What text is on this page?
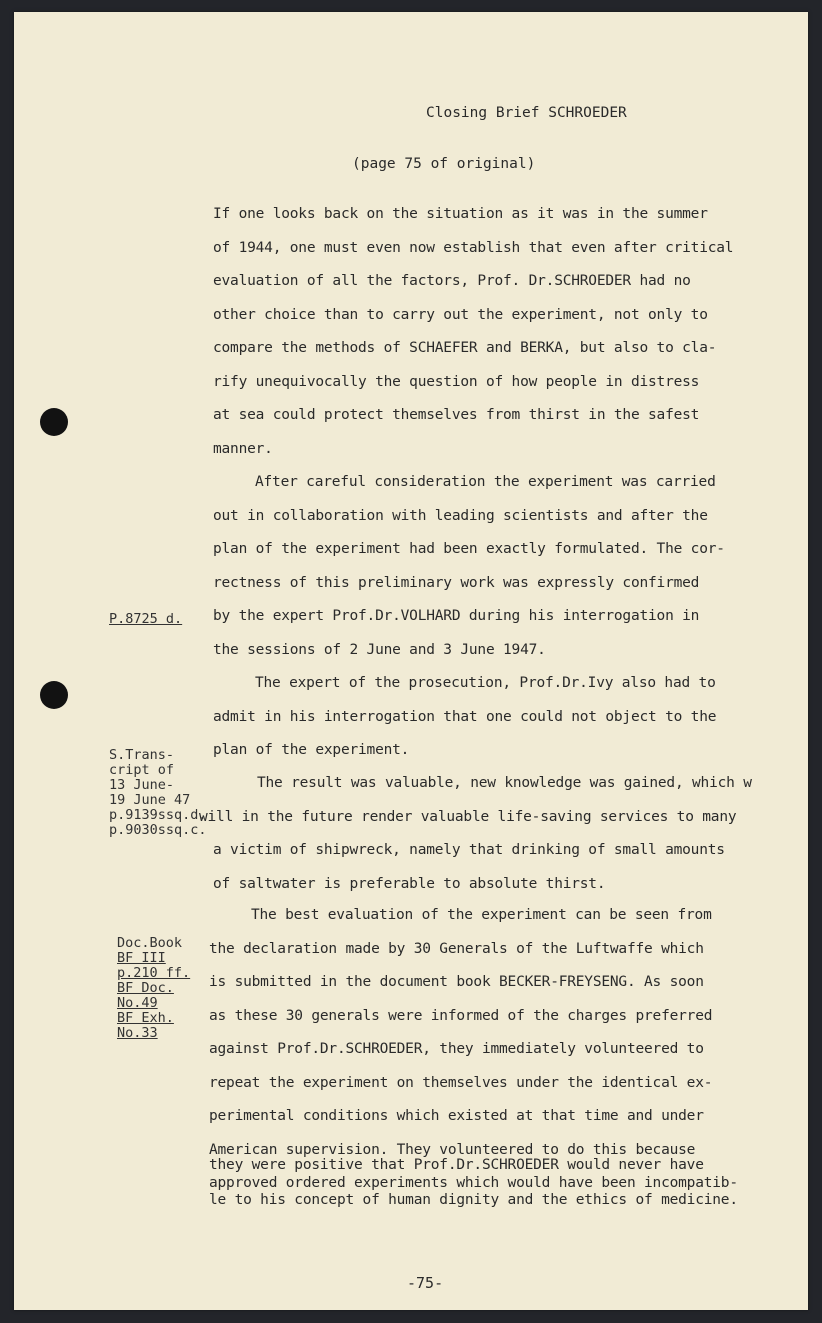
Closing Brief SCHROEDER
(page 75 of original)
If one looks back on the situation as it was in the summer
of 1944, one must even now establish that even after critical
evaluation of all the factors, Prof. Dr.SCHROEDER had no
other choice than to carry out the experiment, not only to
compare the methods of SCHAEFER and BERKA, but also to cla-
rify unequivocally the question of how people in distress
at sea could protect themselves from thirst in the safest
manner.
After careful consideration the experiment was carried
out in collaboration with leading scientists and after the
plan of the experiment had been exactly formulated. The cor-
rectness of this preliminary work was expressly confirmed
by the expert Prof.Dr.VOLHARD during his interrogation in
the sessions of 2 June and 3 June 1947.
The expert of the prosecution, Prof.Dr.Ivy also had to
admit in his interrogation that one could not object to the
plan of the experiment.
The result was valuable, new knowledge was gained, which w
will in the future render valuable life-saving services to many
a victim of shipwreck, namely that drinking of small amounts
of saltwater is preferable to absolute thirst.
The best evaluation of the experiment can be seen from
the declaration made by 30 Generals of the Luftwaffe which
is submitted in the document book BECKER-FREYSENG. As soon
as these 30 generals were informed of the charges preferred
against Prof.Dr.SCHROEDER, they immediately volunteered to
repeat the experiment on themselves under the identical ex-
perimental conditions which existed at that time and under
American supervision. They volunteered to do this because
they were positive that Prof.Dr.SCHROEDER would never have
approved ordered experiments which would have been incompatib-
le to his concept of human dignity and the ethics of medicine.
P.8725 d.
S.Trans-
cript of
13 June-
19 June 47
p.9139ssq.d.
p.9030ssq.c.
Doc.Book
BF III
p.210 ff.
BF Doc.
No.49
BF Exh.
No.33
-75-
